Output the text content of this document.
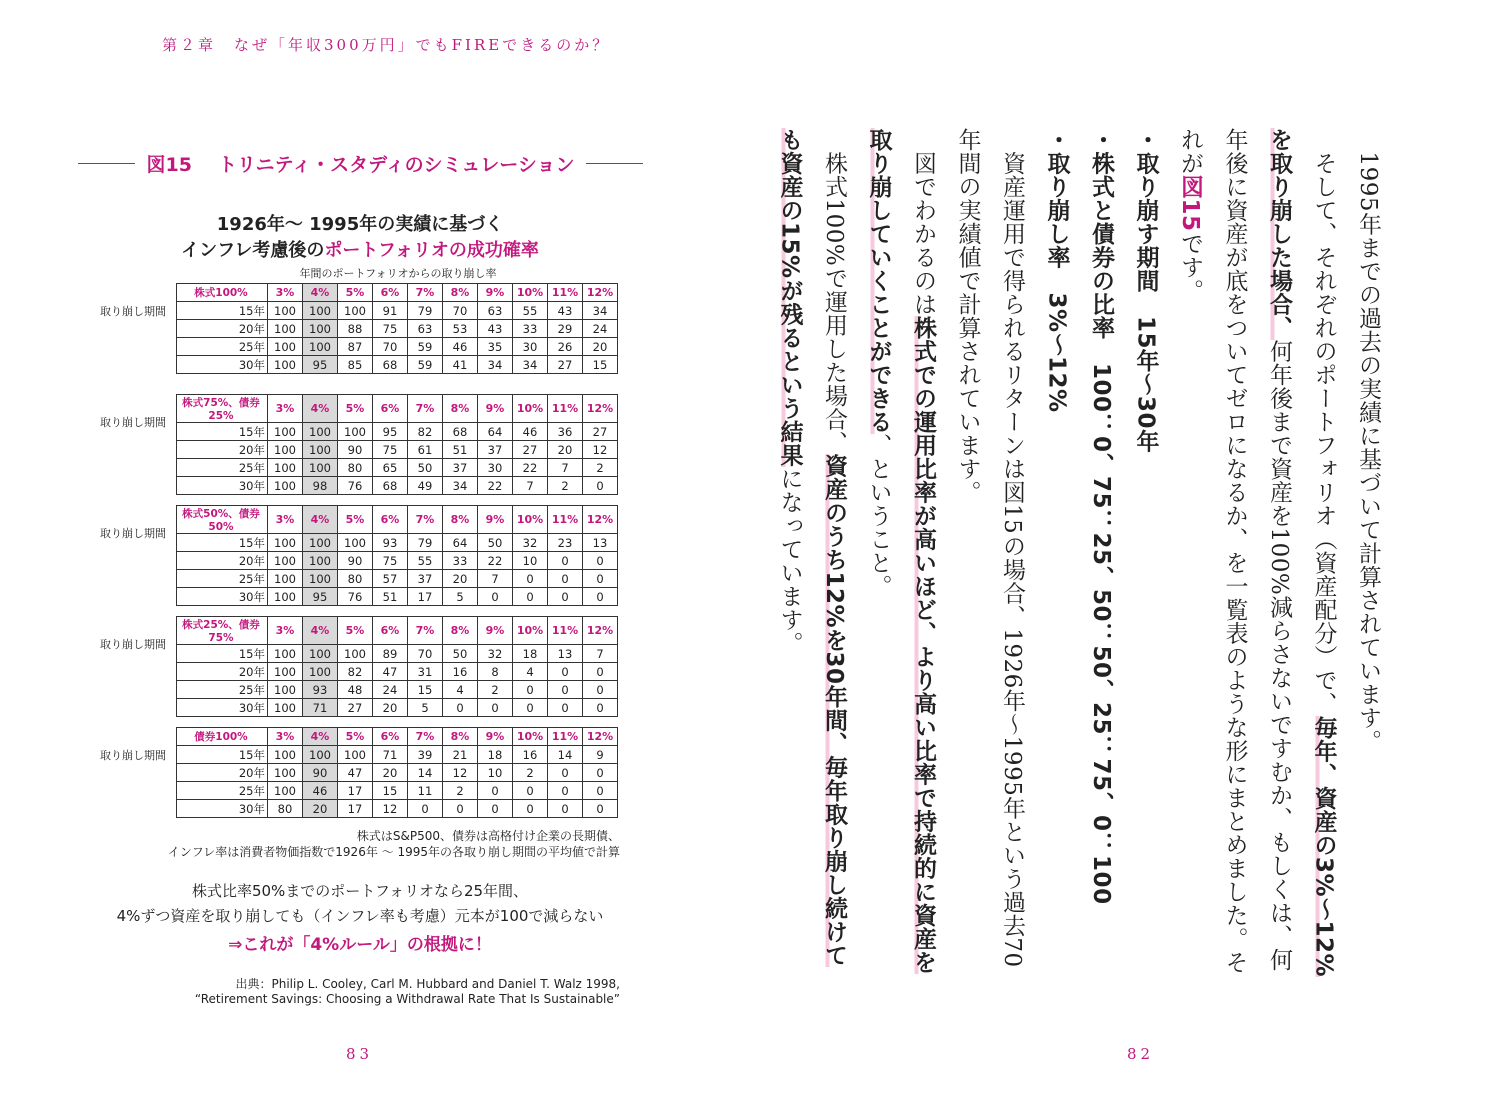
第２章　なぜ「年収300万円」でもFIREできるのか？
図15 トリニティ・スタディのシミュレーション
1926年〜 1995年の実績に基づく
インフレ考慮後のポートフォリオの成功確率
年間のポートフォリオからの取り崩し率
取り崩し期間
株式100%	3%	4%	5%	6%	7%	8%	9%	10%	11%	12%
15年	100	100	100	91	79	70	63	55	43	34
20年	100	100	88	75	63	53	43	33	29	24
25年	100	100	87	70	59	46	35	30	26	20
30年	100	95	85	68	59	41	34	34	27	15
取り崩し期間
株式75%、債券25%	3%	4%	5%	6%	7%	8%	9%	10%	11%	12%
15年	100	100	100	95	82	68	64	46	36	27
20年	100	100	90	75	61	51	37	27	20	12
25年	100	100	80	65	50	37	30	22	7	2
30年	100	98	76	68	49	34	22	7	2	0
取り崩し期間
株式50%、債券50%	3%	4%	5%	6%	7%	8%	9%	10%	11%	12%
15年	100	100	100	93	79	64	50	32	23	13
20年	100	100	90	75	55	33	22	10	0	0
25年	100	100	80	57	37	20	7	0	0	0
30年	100	95	76	51	17	5	0	0	0	0
取り崩し期間
株式25%、債券75%	3%	4%	5%	6%	7%	8%	9%	10%	11%	12%
15年	100	100	100	89	70	50	32	18	13	7
20年	100	100	82	47	31	16	8	4	0	0
25年	100	93	48	24	15	4	2	0	0	0
30年	100	71	27	20	5	0	0	0	0	0
取り崩し期間
債券100%	3%	4%	5%	6%	7%	8%	9%	10%	11%	12%
15年	100	100	100	71	39	21	18	16	14	9
20年	100	90	47	20	14	12	10	2	0	0
25年	100	46	17	15	11	2	0	0	0	0
30年	80	20	17	12	0	0	0	0	0	0
株式はS&P500、債券は高格付け企業の長期債、
インフレ率は消費者物価指数で1926年 〜 1995年の各取り崩し期間の平均値で計算
株式比率50%までのポートフォリオなら25年間、
4%ずつ資産を取り崩しても（インフレ率も考慮）元本が100で減らない
⇒これが「4%ルール」の根拠に！
出典：Philip L. Cooley, Carl M. Hubbard and Daniel T. Walz 1998,
“Retirement Savings: Choosing a Withdrawal Rate That Is Sustainable”
83	82

　1995年までの過去の実績に基づいて計算されています。

　そして、それぞれのポートフォリオ（資産配分）で、毎年、資産の3%〜12%を取り崩した場合、何年後まで資産を100%減らさないですむか、もしくは、何年後に資産が底をついてゼロになるか、を一覧表のような形にまとめました。それが図15です。

・取り崩す期間　15年〜30年

・株式と債券の比率　100：0、75：25、50：50、25：75、0：100

・取り崩し率　3%〜12%

　資産運用で得られるリターンは図15の場合、1926年〜1995年という過去70年間の実績値で計算されています。

　図でわかるのは株式での運用比率が高いほど、より高い比率で持続的に資産を取り崩していくことができる、ということ。

　株式100%で運用した場合、資産のうち12%を30年間、毎年取り崩し続けても資産の15%が残るという結果になっています。
